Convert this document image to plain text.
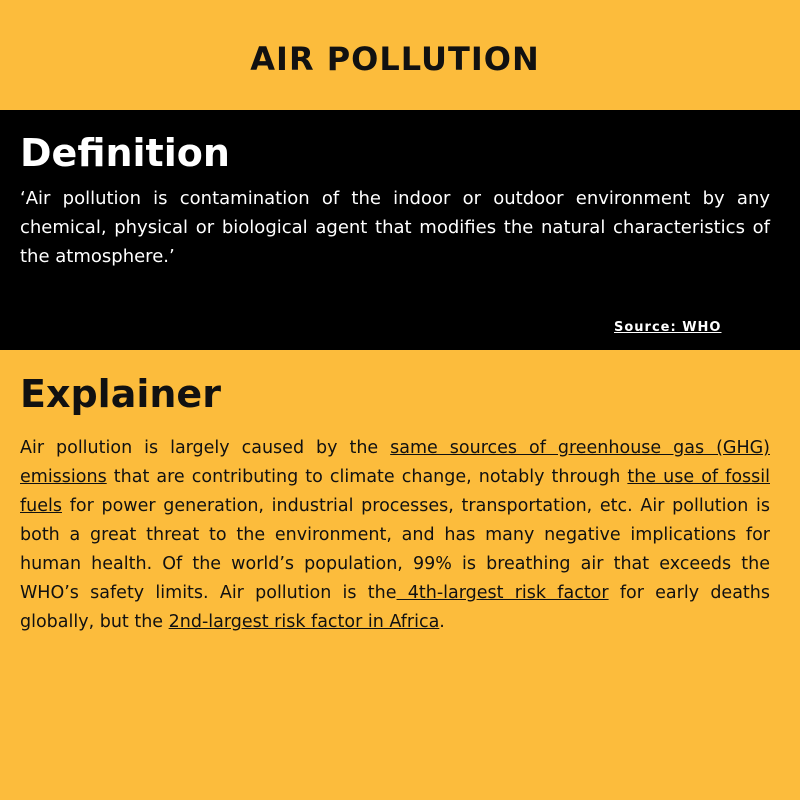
AIR POLLUTION
Definition

‘Air pollution is contamination of the indoor or outdoor environment by any chemical, physical or biological agent that modifies the natural characteristics of the atmosphere.’

Source: WHO
Explainer

Air pollution is largely caused by the same sources of greenhouse gas (GHG) emissions that are contributing to climate change, notably through the use of fossil fuels for power generation, industrial processes, transportation, etc. Air pollution is both a great threat to the environment, and has many negative implications for human health. Of the world’s population, 99% is breathing air that exceeds the WHO’s safety limits. Air pollution is the 4th-largest risk factor for early deaths globally, but the 2nd-largest risk factor in Africa.
